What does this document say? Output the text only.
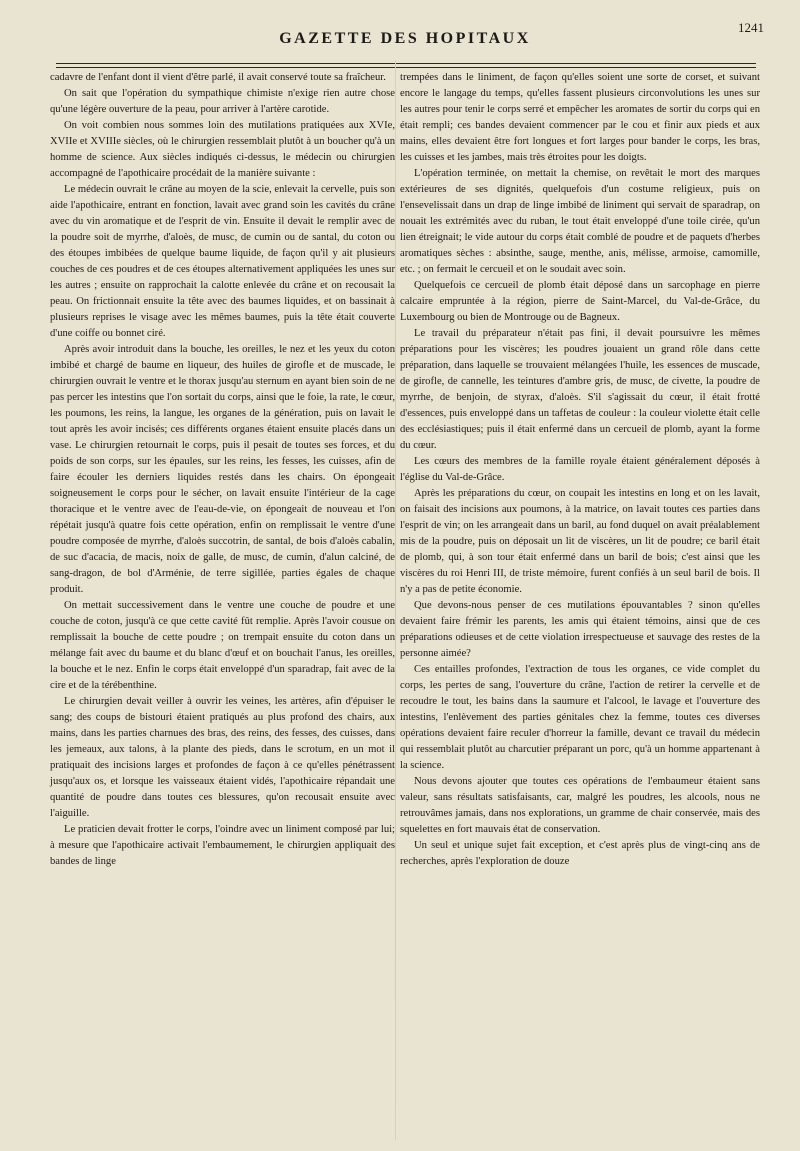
GAZETTE DES HOPITAUX
1241

cadavre de l'enfant dont il vient d'être parlé, il avait conservé toute sa fraîcheur.

On sait que l'opération du sympathique chimiste n'exige rien autre chose qu'une légère ouverture de la peau, pour arriver à l'artère carotide.

On voit combien nous sommes loin des mutilations pratiquées aux XVIe, XVIIe et XVIIIe siècles, où le chirurgien ressemblait plutôt à un boucher qu'à un homme de science. Aux siècles indiqués ci-dessus, le médecin ou chirurgien accompagné de l'apothicaire procédait de la manière suivante :

Le médecin ouvrait le crâne au moyen de la scie, enlevait la cervelle, puis son aide l'apothicaire, entrant en fonction, lavait avec grand soin les cavités du crâne avec du vin aromatique et de l'esprit de vin. Ensuite il devait le remplir avec de la poudre soit de myrrhe, d'aloès, de musc, de cumin ou de santal, du coton ou des étoupes imbibées de quelque baume liquide, de façon qu'il y ait plusieurs couches de ces poudres et de ces étoupes alternativement appliquées les unes sur les autres ; ensuite on rapprochait la calotte enlevée du crâne et on recousait la peau. On frictionnait ensuite la tête avec des baumes liquides, et on bassinait à plusieurs reprises le visage avec les mêmes baumes, puis la tête était couverte d'une coiffe ou bonnet ciré.

Après avoir introduit dans la bouche, les oreilles, le nez et les yeux du coton imbibé et chargé de baume en liqueur, des huiles de girofle et de muscade, le chirurgien ouvrait le ventre et le thorax jusqu'au sternum en ayant bien soin de ne pas percer les intestins que l'on sortait du corps, ainsi que le foie, la rate, le cœur, les poumons, les reins, la langue, les organes de la génération, puis on lavait le tout après les avoir incisés; ces différents organes étaient ensuite placés dans un vase. Le chirurgien retournait le corps, puis il pesait de toutes ses forces, et du poids de son corps, sur les épaules, sur les reins, les fesses, les cuisses, afin de faire écouler les derniers liquides restés dans les chairs. On épongeait soigneusement le corps pour le sécher, on lavait ensuite l'intérieur de la cage thoracique et le ventre avec de l'eau-de-vie, on épongeait de nouveau et l'on répétait jusqu'à quatre fois cette opération, enfin on remplissait le ventre d'une poudre composée de myrrhe, d'aloès succotrin, de santal, de bois d'aloès cabalin, de suc d'acacia, de macis, noix de galle, de musc, de cumin, d'alun calciné, de sang-dragon, de bol d'Arménie, de terre sigillée, parties égales de chaque produit.

On mettait successivement dans le ventre une couche de poudre et une couche de coton, jusqu'à ce que cette cavité fût remplie. Après l'avoir cousue on remplissait la bouche de cette poudre ; on trempait ensuite du coton dans un mélange fait avec du baume et du blanc d'œuf et on bouchait l'anus, les oreilles, la bouche et le nez. Enfin le corps était enveloppé d'un sparadrap, fait avec de la cire et de la térébenthine.

Le chirurgien devait veiller à ouvrir les veines, les artères, afin d'épuiser le sang; des coups de bistouri étaient pratiqués au plus profond des chairs, aux mains, dans les parties charnues des bras, des reins, des fesses, des cuisses, dans les jemeaux, aux talons, à la plante des pieds, dans le scrotum, en un mot il pratiquait des incisions larges et profondes de façon à ce qu'elles pénétrassent jusqu'aux os, et lorsque les vaisseaux étaient vidés, l'apothicaire répandait une quantité de poudre dans toutes ces blessures, qu'on recousait ensuite avec l'aiguille.

Le praticien devait frotter le corps, l'oindre avec un liniment composé par lui; à mesure que l'apothicaire activait l'embaumement, le chirurgien appliquait des bandes de linge

trempées dans le liniment, de façon qu'elles soient une sorte de corset, et suivant encore le langage du temps, qu'elles fassent plusieurs circonvolutions les unes sur les autres pour tenir le corps serré et empêcher les aromates de sortir du corps qui en était rempli; ces bandes devaient commencer par le cou et finir aux pieds et aux mains, elles devaient être fort longues et fort larges pour bander le corps, les bras, les cuisses et les jambes, mais très étroites pour les doigts.

L'opération terminée, on mettait la chemise, on revêtait le mort des marques extérieures de ses dignités, quelquefois d'un costume religieux, puis on l'ensevelissait dans un drap de linge imbibé de liniment qui servait de sparadrap, on nouait les extrémités avec du ruban, le tout était enveloppé d'une toile cirée, qu'un lien étreignait; le vide autour du corps était comblé de poudre et de paquets d'herbes aromatiques sèches : absinthe, sauge, menthe, anis, mélisse, armoise, camomille, etc. ; on fermait le cercueil et on le soudait avec soin.

Quelquefois ce cercueil de plomb était déposé dans un sarcophage en pierre calcaire empruntée à la région, pierre de Saint-Marcel, du Val-de-Grâce, du Luxembourg ou bien de Montrouge ou de Bagneux.

Le travail du préparateur n'était pas fini, il devait poursuivre les mêmes préparations pour les viscères; les poudres jouaient un grand rôle dans cette préparation, dans laquelle se trouvaient mélangées l'huile, les essences de muscade, de girofle, de cannelle, les teintures d'ambre gris, de musc, de civette, la poudre de myrrhe, de benjoin, de styrax, d'aloès. S'il s'agissait du cœur, il était frotté d'essences, puis enveloppé dans un taffetas de couleur : la couleur violette était celle des ecclésiastiques; puis il était enfermé dans un cercueil de plomb, ayant la forme du cœur.

Les cœurs des membres de la famille royale étaient généralement déposés à l'église du Val-de-Grâce.

Après les préparations du cœur, on coupait les intestins en long et on les lavait, on faisait des incisions aux poumons, à la matrice, on lavait toutes ces parties dans l'esprit de vin; on les arrangeait dans un baril, au fond duquel on avait préalablement mis de la poudre, puis on déposait un lit de viscères, un lit de poudre; ce baril était de plomb, qui, à son tour était enfermé dans un baril de bois; c'est ainsi que les viscères du roi Henri III, de triste mémoire, furent confiés à un seul baril de bois. Il n'y a pas de petite économie.

Que devons-nous penser de ces mutilations épouvantables ? sinon qu'elles devaient faire frémir les parents, les amis qui étaient témoins, ainsi que de ces préparations odieuses et de cette violation irrespectueuse et sauvage des restes de la personne aimée?

Ces entailles profondes, l'extraction de tous les organes, ce vide complet du corps, les pertes de sang, l'ouverture du crâne, l'action de retirer la cervelle et de recoudre le tout, les bains dans la saumure et l'alcool, le lavage et l'ouverture des intestins, l'enlèvement des parties génitales chez la femme, toutes ces diverses opérations devaient faire reculer d'horreur la famille, devant ce travail du médecin qui ressemblait plutôt au charcutier préparant un porc, qu'à un homme appartenant à la science.

Nous devons ajouter que toutes ces opérations de l'embaumeur étaient sans valeur, sans résultats satisfaisants, car, malgré les poudres, les alcools, nous ne retrouvâmes jamais, dans nos explorations, un gramme de chair conservée, mais des squelettes en fort mauvais état de conservation.

Un seul et unique sujet fait exception, et c'est après plus de vingt-cinq ans de recherches, après l'exploration de douze
